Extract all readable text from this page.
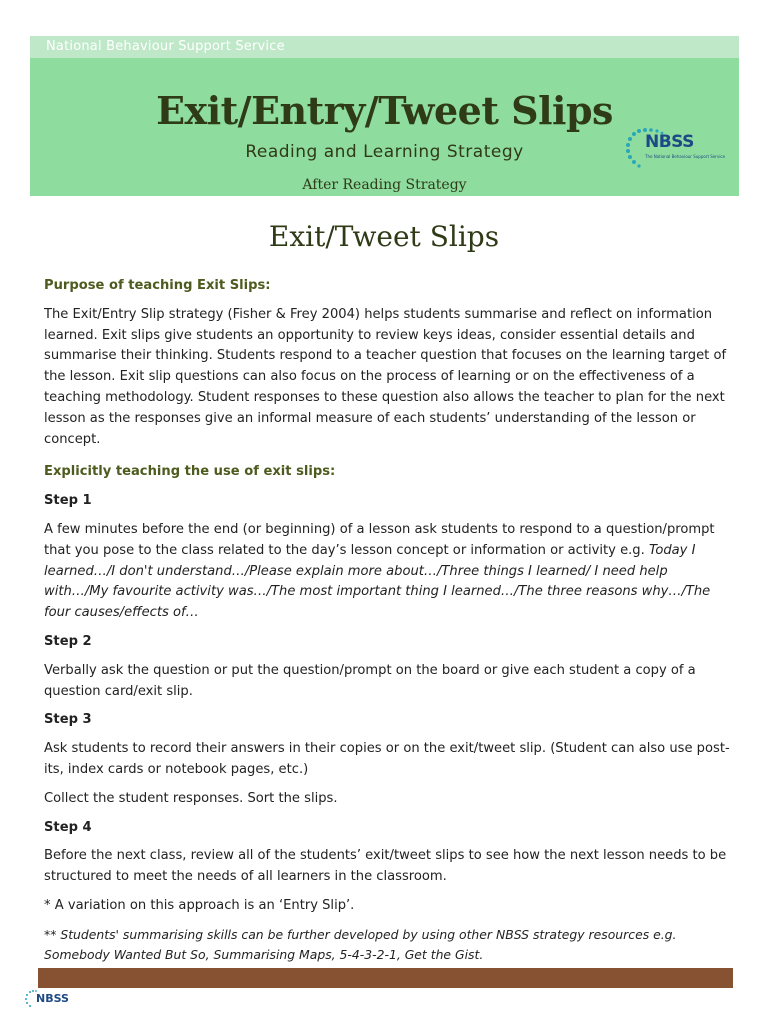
National Behaviour Support Service
Exit/Entry/Tweet Slips
Reading and Learning Strategy
After Reading Strategy
NBSS
The National Behaviour Support Service
Exit/Tweet Slips

Purpose of teaching Exit Slips:

The Exit/Entry Slip strategy (Fisher & Frey 2004) helps students summarise and reflect on information learned. Exit slips give students an opportunity to review keys ideas, consider essential details and summarise their thinking. Students respond to a teacher question that focuses on the learning target of the lesson. Exit slip questions can also focus on the process of learning or on the effectiveness of a teaching methodology. Student responses to these question also allows the teacher to plan for the next lesson as the responses give an informal measure of each students’ understanding of the lesson or concept.

Explicitly teaching the use of exit slips:

Step 1

A few minutes before the end (or beginning) of a lesson ask students to respond to a question/prompt that you pose to the class related to the day’s lesson concept or information or activity e.g. Today I learned…/I don't understand…/Please explain more about…/Three things I learned/ I need help with…/My favourite activity was…/The most important thing I learned…/The three reasons why…/The four causes/effects of…

Step 2

Verbally ask the question or put the question/prompt on the board or give each student a copy of a question card/exit slip.

Step 3

Ask students to record their answers in their copies or on the exit/tweet slip. (Student can also use post-its, index cards or notebook pages, etc.)

Collect the student responses. Sort the slips.

Step 4

Before the next class, review all of the students’ exit/tweet slips to see how the next lesson needs to be structured to meet the needs of all learners in the classroom.

* A variation on this approach is an ‘Entry Slip’.

** Students' summarising skills can be further developed by using other NBSS strategy resources e.g. Somebody Wanted But So, Summarising Maps, 5-4-3-2-1, Get the Gist.

NBSS
